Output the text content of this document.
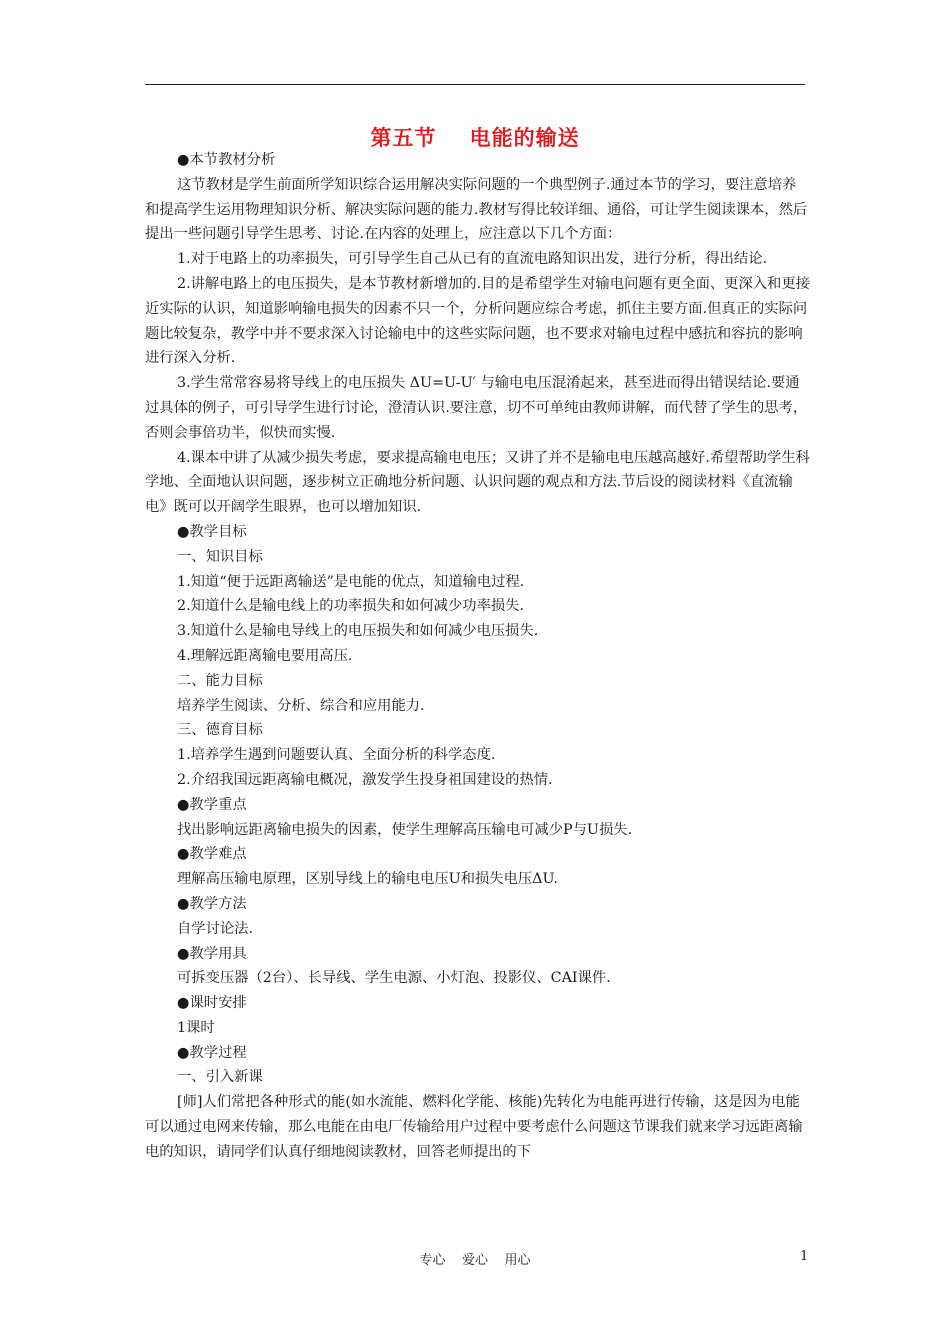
第五节    电能的输送

●本节教材分析

这节教材是学生前面所学知识综合运用解决实际问题的一个典型例子.通过本节的学习，要注意培养和提高学生运用物理知识分析、解决实际问题的能力.教材写得比较详细、通俗，可让学生阅读课本，然后提出一些问题引导学生思考、讨论.在内容的处理上，应注意以下几个方面：

1.对于电路上的功率损失，可引导学生自己从已有的直流电路知识出发，进行分析，得出结论.

2.讲解电路上的电压损失，是本节教材新增加的.目的是希望学生对输电问题有更全面、更深入和更接近实际的认识，知道影响输电损失的因素不只一个，分析问题应综合考虑，抓住主要方面.但真正的实际问题比较复杂，教学中并不要求深入讨论输电中的这些实际问题，也不要求对输电过程中感抗和容抗的影响进行深入分析.

3.学生常常容易将导线上的电压损失 ΔU=U-U′ 与输电电压混淆起来，甚至进而得出错误结论.要通过具体的例子，可引导学生进行讨论，澄清认识.要注意，切不可单纯由教师讲解，而代替了学生的思考，否则会事倍功半，似快而实慢.

4.课本中讲了从减少损失考虑，要求提高输电电压；又讲了并不是输电电压越高越好.希望帮助学生科学地、全面地认识问题，逐步树立正确地分析问题、认识问题的观点和方法.节后设的阅读材料《直流输电》既可以开阔学生眼界，也可以增加知识.

●教学目标

一、知识目标

1.知道“便于远距离输送”是电能的优点，知道输电过程.

2.知道什么是输电线上的功率损失和如何减少功率损失.

3.知道什么是输电导线上的电压损失和如何减少电压损失.

4.理解远距离输电要用高压.

二、能力目标

培养学生阅读、分析、综合和应用能力.

三、德育目标

1.培养学生遇到问题要认真、全面分析的科学态度.

2.介绍我国远距离输电概况，激发学生投身祖国建设的热情.

●教学重点

找出影响远距离输电损失的因素，使学生理解高压输电可减少P与U损失.

●教学难点

理解高压输电原理，区别导线上的输电电压U和损失电压ΔU.

●教学方法

自学讨论法.

●教学用具

可拆变压器（2台）、长导线、学生电源、小灯泡、投影仪、CAI课件.

●课时安排

1课时

●教学过程

一、引入新课

[师]人们常把各种形式的能(如水流能、燃料化学能、核能)先转化为电能再进行传输，这是因为电能可以通过电网来传输，那么电能在由电厂传输给用户过程中要考虑什么问题这节课我们就来学习远距离输电的知识，请同学们认真仔细地阅读教材，回答老师提出的下

专心    爱心    用心	1
